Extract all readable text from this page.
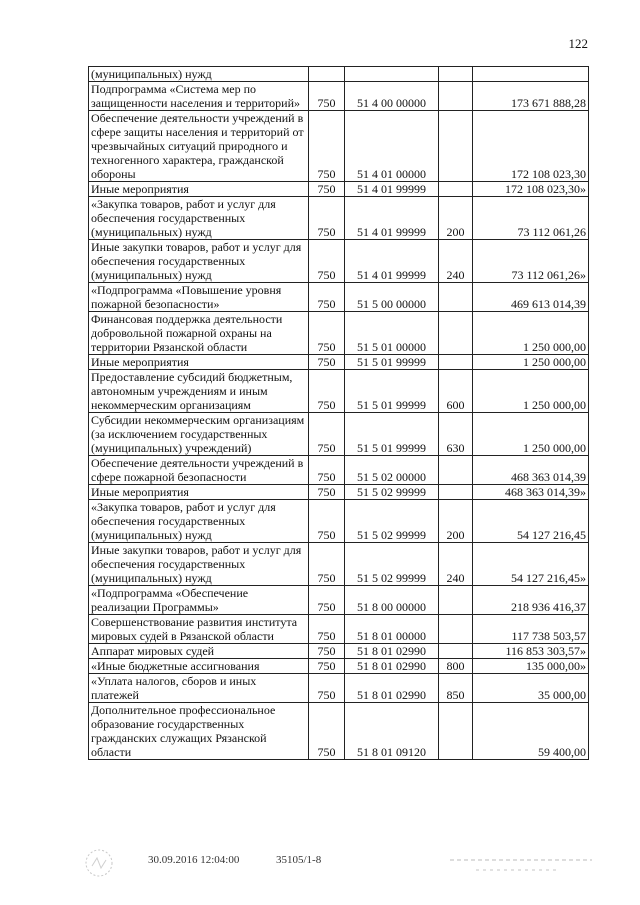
122
(муниципальных) нужд				
Подпрограмма «Система мер по защищенности населения и территорий»	750	51 4 00 00000		173 671 888,28
Обеспечение деятельности учреждений в сфере защиты населения и территорий от чрезвычайных ситуаций природного и техногенного характера, гражданской обороны	750	51 4 01 00000		172 108 023,30
Иные мероприятия	750	51 4 01 99999		172 108 023,30»
«Закупка товаров, работ и услуг для обеспечения государственных (муниципальных) нужд	750	51 4 01 99999	200	73 112 061,26
Иные закупки товаров, работ и услуг для обеспечения государственных (муниципальных) нужд	750	51 4 01 99999	240	73 112 061,26»
«Подпрограмма «Повышение уровня пожарной безопасности»	750	51 5 00 00000		469 613 014,39
Финансовая поддержка деятельности добровольной пожарной охраны на территории Рязанской области	750	51 5 01 00000		1 250 000,00
Иные мероприятия	750	51 5 01 99999		1 250 000,00
Предоставление субсидий бюджетным, автономным учреждениям и иным некоммерческим организациям	750	51 5 01 99999	600	1 250 000,00
Субсидии некоммерческим организациям (за исключением государственных (муниципальных) учреждений)	750	51 5 01 99999	630	1 250 000,00
Обеспечение деятельности учреждений в сфере пожарной безопасности	750	51 5 02 00000		468 363 014,39
Иные мероприятия	750	51 5 02 99999		468 363 014,39»
«Закупка товаров, работ и услуг для обеспечения государственных (муниципальных) нужд	750	51 5 02 99999	200	54 127 216,45
Иные закупки товаров, работ и услуг для обеспечения государственных (муниципальных) нужд	750	51 5 02 99999	240	54 127 216,45»
«Подпрограмма «Обеспечение реализации Программы»	750	51 8 00 00000		218 936 416,37
Совершенствование развития института мировых судей в Рязанской области	750	51 8 01 00000		117 738 503,57
Аппарат мировых судей	750	51 8 01 02990		116 853 303,57»
«Иные бюджетные ассигнования	750	51 8 01 02990	800	135 000,00»
«Уплата налогов, сборов и иных платежей	750	51 8 01 02990	850	35 000,00
Дополнительное профессиональное образование государственных гражданских служащих Рязанской области	750	51 8 01 09120		59 400,00
30.09.2016 12:04:00	35105/1-8
